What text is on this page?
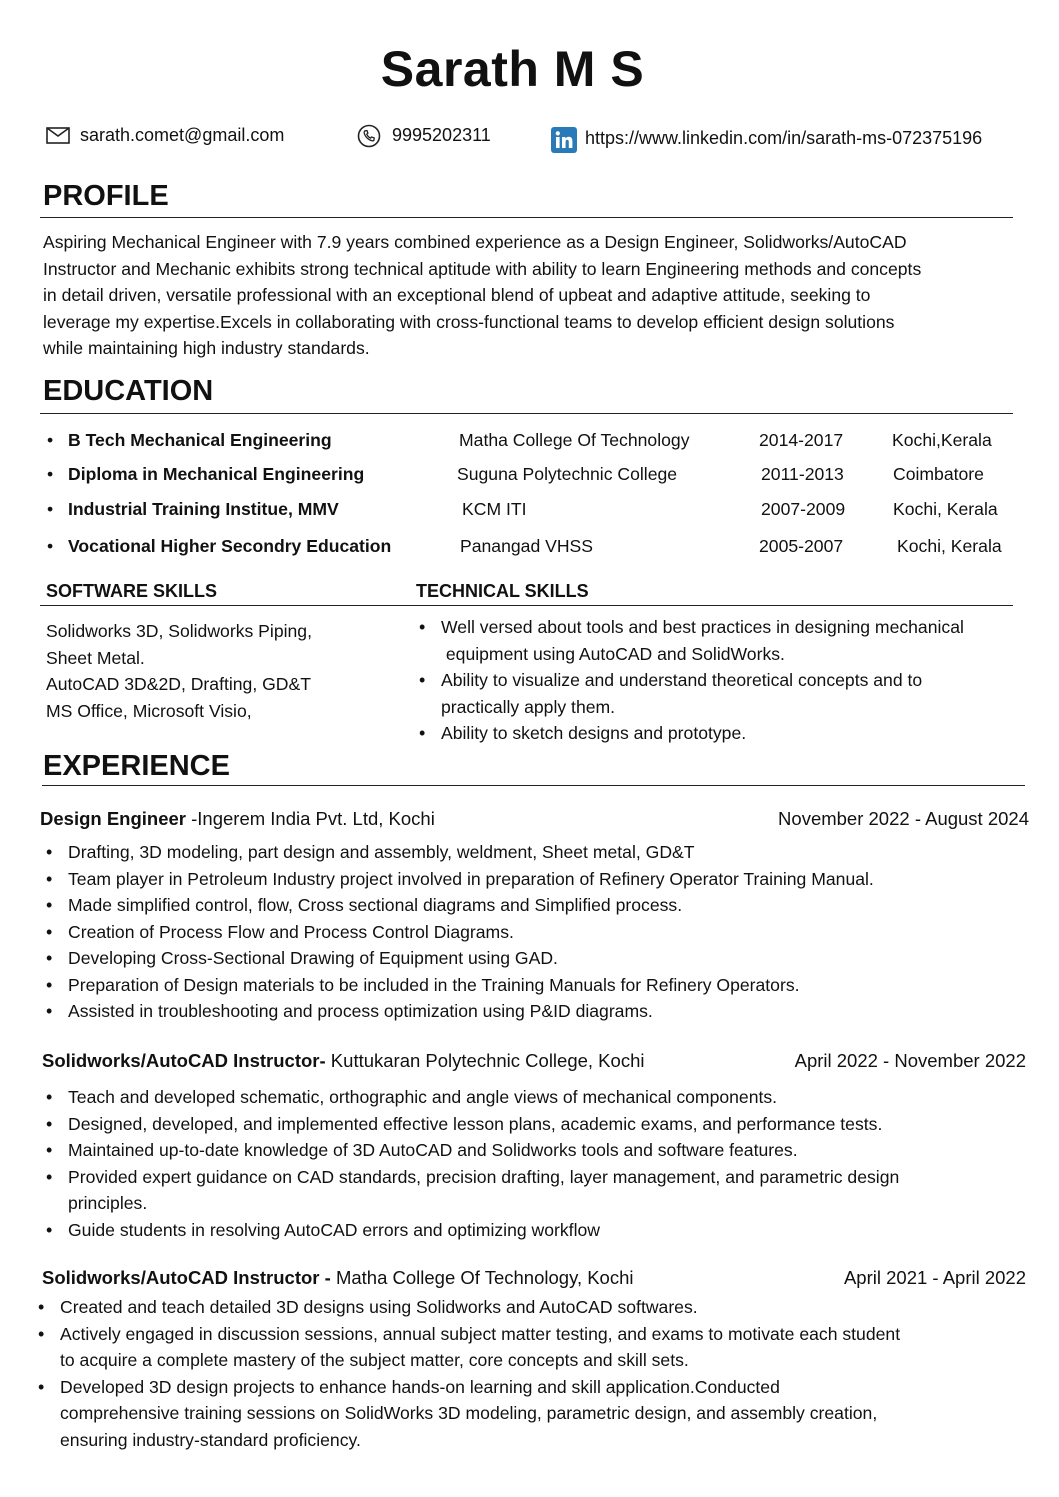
Sarath M S
sarath.comet@gmail.com	9995202311	https://www.linkedin.com/in/sarath-ms-072375196
PROFILE
Aspiring Mechanical Engineer with 7.9 years combined experience as a Design Engineer, Solidworks/AutoCAD
Instructor and Mechanic exhibits strong technical aptitude with ability to learn Engineering methods and concepts
in detail driven, versatile professional with an exceptional blend of upbeat and adaptive attitude, seeking to
leverage my expertise.Excels in collaborating with cross-functional teams to develop efficient design solutions
while maintaining high industry standards.
EDUCATION
•
B Tech Mechanical Engineering	Matha College Of Technology	2014-2017	Kochi,Kerala
•
Diploma in Mechanical Engineering	Suguna Polytechnic College	2011-2013	Coimbatore
•
Industrial Training Institue, MMV	KCM ITI	2007-2009	Kochi, Kerala
•
Vocational Higher Secondry Education	Panangad VHSS	2005-2007	Kochi, Kerala
SOFTWARE SKILLS	TECHNICAL SKILLS
Solidworks 3D, Solidworks Piping,
Sheet Metal.
AutoCAD 3D&2D, Drafting, GD&T
MS Office, Microsoft Visio,
• Well versed about tools and best practices in designing mechanical
equipment using AutoCAD and SolidWorks.
• Ability to visualize and understand theoretical concepts and to
practically apply them.
• Ability to sketch designs and prototype.
EXPERIENCE
Design Engineer -Ingerem India Pvt. Ltd, Kochi	November 2022 - August 2024
• Drafting, 3D modeling, part design and assembly, weldment, Sheet metal, GD&T
• Team player in Petroleum Industry project involved in preparation of Refinery Operator Training Manual.
• Made simplified control, flow, Cross sectional diagrams and Simplified process.
• Creation of Process Flow and Process Control Diagrams.
• Developing Cross-Sectional Drawing of Equipment using GAD.
• Preparation of Design materials to be included in the Training Manuals for Refinery Operators.
• Assisted in troubleshooting and process optimization using P&ID diagrams.
Solidworks/AutoCAD Instructor- Kuttukaran Polytechnic College, Kochi	April 2022 - November 2022
• Teach and developed schematic, orthographic and angle views of mechanical components.
• Designed, developed, and implemented effective lesson plans, academic exams, and performance tests.
• Maintained up-to-date knowledge of 3D AutoCAD and Solidworks tools and software features.
• Provided expert guidance on CAD standards, precision drafting, layer management, and parametric design
principles.
• Guide students in resolving AutoCAD errors and optimizing workflow
Solidworks/AutoCAD Instructor - Matha College Of Technology, Kochi	April 2021 - April 2022
• Created and teach detailed 3D designs using Solidworks and AutoCAD softwares.
• Actively engaged in discussion sessions, annual subject matter testing, and exams to motivate each student
to acquire a complete mastery of the subject matter, core concepts and skill sets.
• Developed 3D design projects to enhance hands-on learning and skill application.Conducted
comprehensive training sessions on SolidWorks 3D modeling, parametric design, and assembly creation,
ensuring industry-standard proficiency.
